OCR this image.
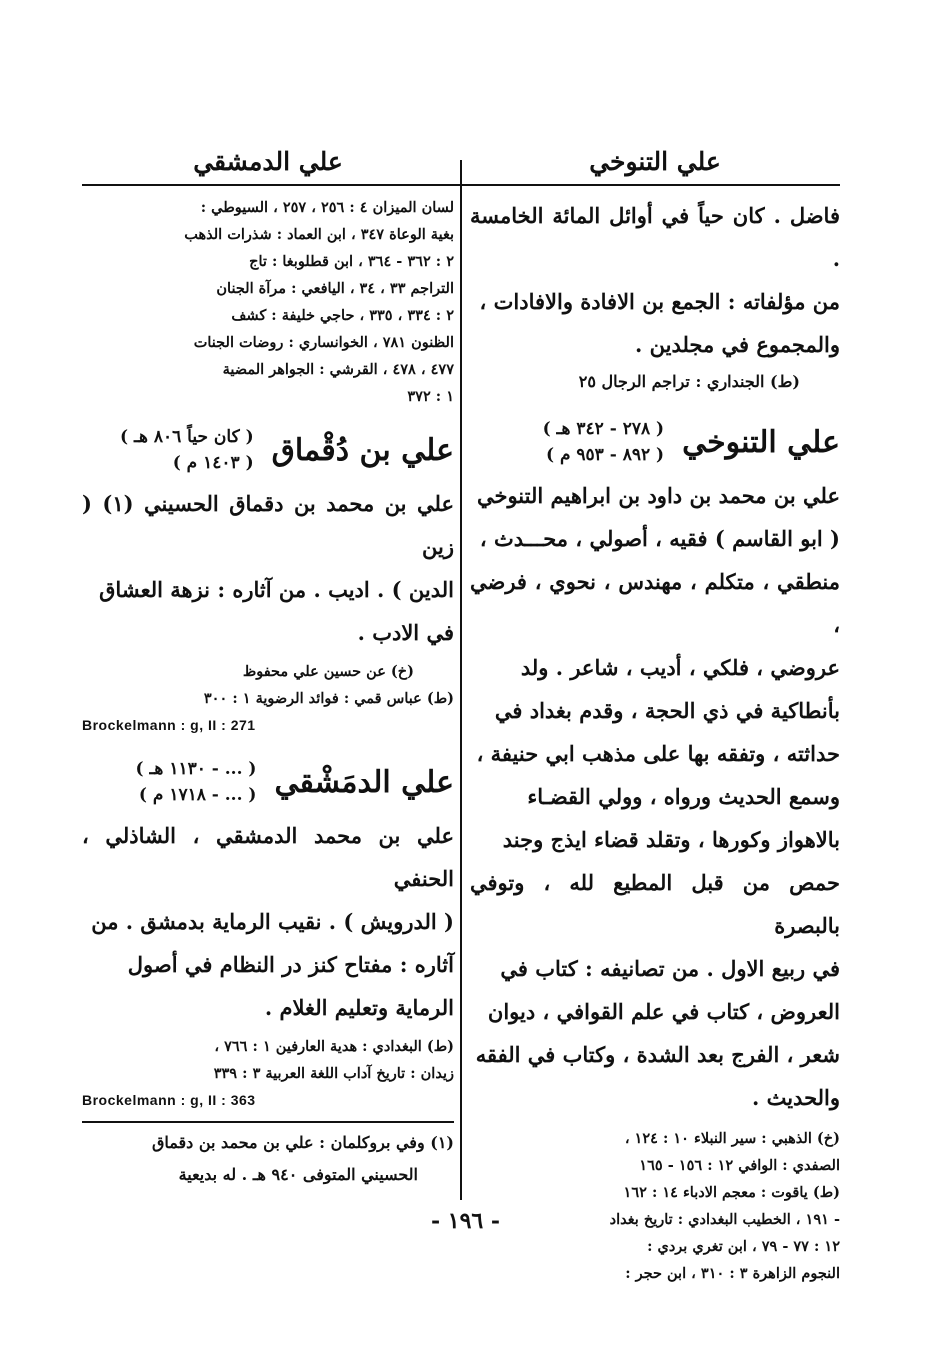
علي التنوخي

فاضل . كان حياً في أوائل المائة الخامسة .

من مؤلفاته : الجمع بن الافادة والافادات ،

والمجموع في مجلدين .

(ط) الجنداري : تراجم الرجال ٢٥

علي التنوخي
( ٢٧٨ - ٣٤٢ هـ )
( ٨٩٢ - ٩٥٣ م )

علي بن محمد بن داود بن ابراهيم التنوخي

( ابو القاسم ) فقيه ، أصولي ، محـــدث ،

منطقي ، متكلم ، مهندس ، نحوي ، فرضي ،

عروضي ، فلكي ، أديب ، شاعر . ولد

بأنطاكية في ذي الحجة ، وقدم بغداد في

حداثته ، وتفقه بها على مذهب ابي حنيفة ،

وسمع الحديث ورواه ، وولي القضـاء

بالاهواز وكورها ، وتقلد قضاء ايذج وجند

حمص من قبل المطيع لله ، وتوفي بالبصرة

في ربيع الاول . من تصانيفه : كتاب في

العروض ، كتاب في علم القوافي ، ديوان

شعر ، الفرج بعد الشدة ، وكتاب في الفقه

والحديث .

(خ) الذهبي : سير النبلاء ١٠ : ١٢٤ ،
الصفدي : الوافي ١٢ : ١٥٦ - ١٦٥
(ط) ياقوت : معجم الادباء ١٤ : ١٦٢
- ١٩١ ، الخطيب البغدادي : تاريخ بغداد
١٢ : ٧٧ - ٧٩ ، ابن تغري بردي :
النجوم الزاهرة ٣ : ٣١٠ ، ابن حجر :
علي الدمشقي
لسان الميزان ٤ : ٢٥٦ ، ٢٥٧ ، السيوطي :
بغية الوعاة ٣٤٧ ، ابن العماد : شذرات الذهب
٢ : ٣٦٢ - ٣٦٤ ، ابن قطلوبغا : تاج
التراجم ٣٣ ، ٣٤ ، اليافعي : مرآة الجنان
٢ : ٣٣٤ ، ٣٣٥ ، حاجي خليفة : كشف
الظنون ٧٨١ ، الخوانساري : روضات الجنات
٤٧٧ ، ٤٧٨ ، القرشي : الجواهر المضية
١ : ٣٧٢
علي بن دُقْماق
( كان حياً ٨٠٦ هـ )
( ١٤٠٣ م )

علي بن محمد بن دقماق الحسيني (١) ( زين

الدين ) . اديب . من آثاره : نزهة العشاق

في الادب .

(خ) عن حسين علي محفوظ
(ط) عباس قمي : فوائد الرضوية ١ : ٣٠٠
Brockelmann : g, II : 271
علي الدمَشْقي
( ... - ١١٣٠ هـ )
( ... - ١٧١٨ م )

علي بن محمد الدمشقي ، الشاذلي ، الحنفي

( الدرويش ) . نقيب الرماية بدمشق . من

آثاره : مفتاح كنز در النظام في أصول

الرماية وتعليم الغلام .

(ط) البغدادي : هدية العارفين ١ : ٧٦٦ ،
زيدان : تاريخ آداب اللغة العربية ٣ : ٣٣٩
Brockelmann : g, II : 363
(١) وفي بروكلمان : علي بن محمد بن دقماق
الحسيني المتوفى ٩٤٠ هـ . له بديعية
- ١٩٦ -
